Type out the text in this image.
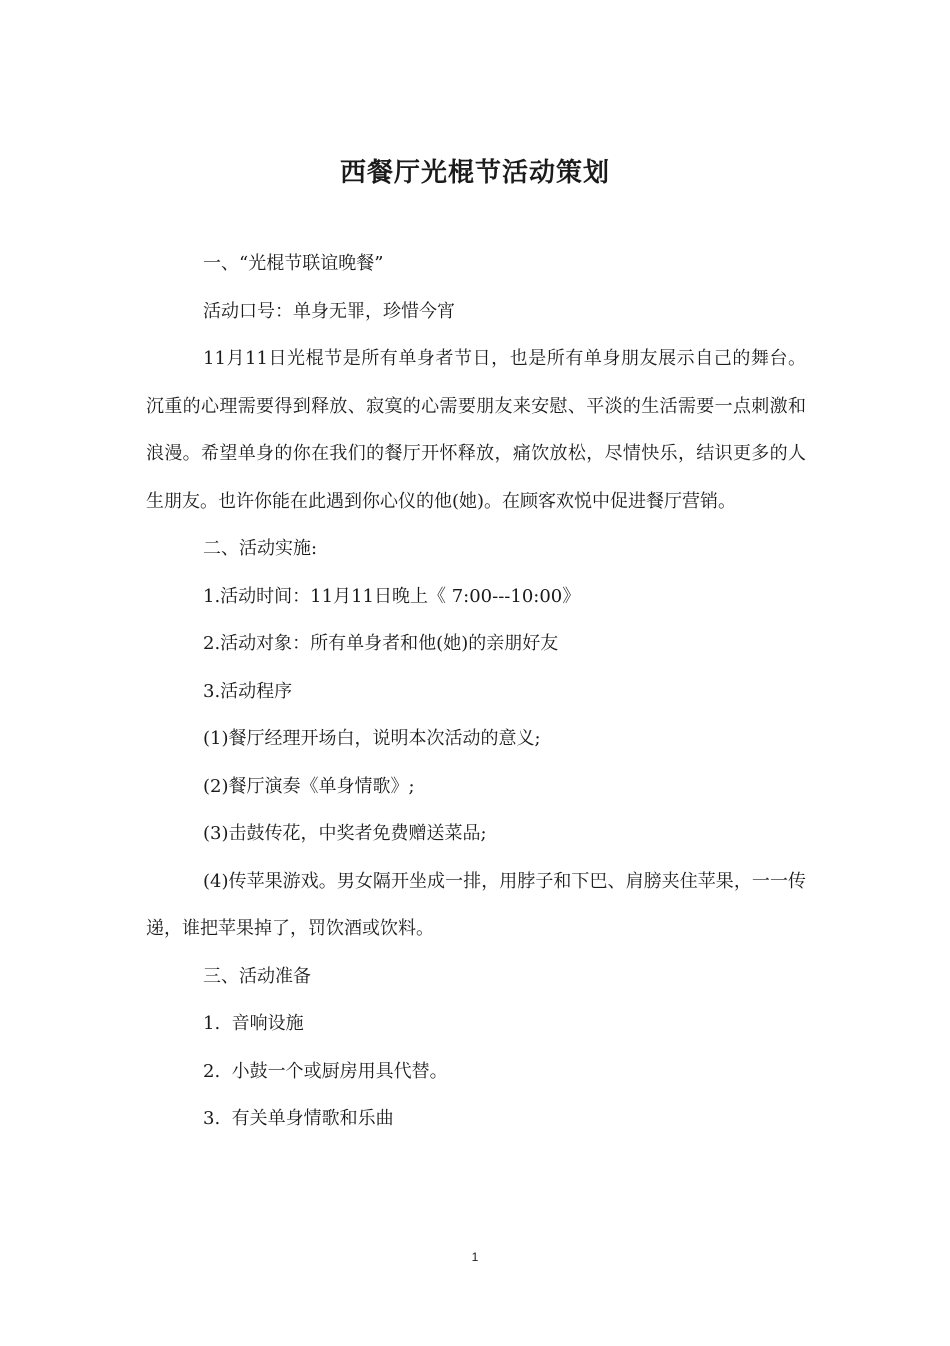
西餐厅光棍节活动策划

一、“光棍节联谊晚餐”

活动口号：单身无罪，珍惜今宵

11月11日光棍节是所有单身者节日，也是所有单身朋友展示自己的舞台。沉重的心理需要得到释放、寂寞的心需要朋友来安慰、平淡的生活需要一点刺激和浪漫。希望单身的你在我们的餐厅开怀释放，痛饮放松，尽情快乐，结识更多的人生朋友。也许你能在此遇到你心仪的他(她)。在顾客欢悦中促进餐厅营销。

二、活动实施:

1.活动时间：11月11日晚上《 7:00---10:00》

2.活动对象：所有单身者和他(她)的亲朋好友

3.活动程序

(1)餐厅经理开场白，说明本次活动的意义;

(2)餐厅演奏《单身情歌》;

(3)击鼓传花，中奖者免费赠送菜品;

(4)传苹果游戏。男女隔开坐成一排，用脖子和下巴、肩膀夹住苹果，一一传递，谁把苹果掉了，罚饮酒或饮料。

三、活动准备

1.  音响设施

2.  小鼓一个或厨房用具代替。

3.  有关单身情歌和乐曲

1
